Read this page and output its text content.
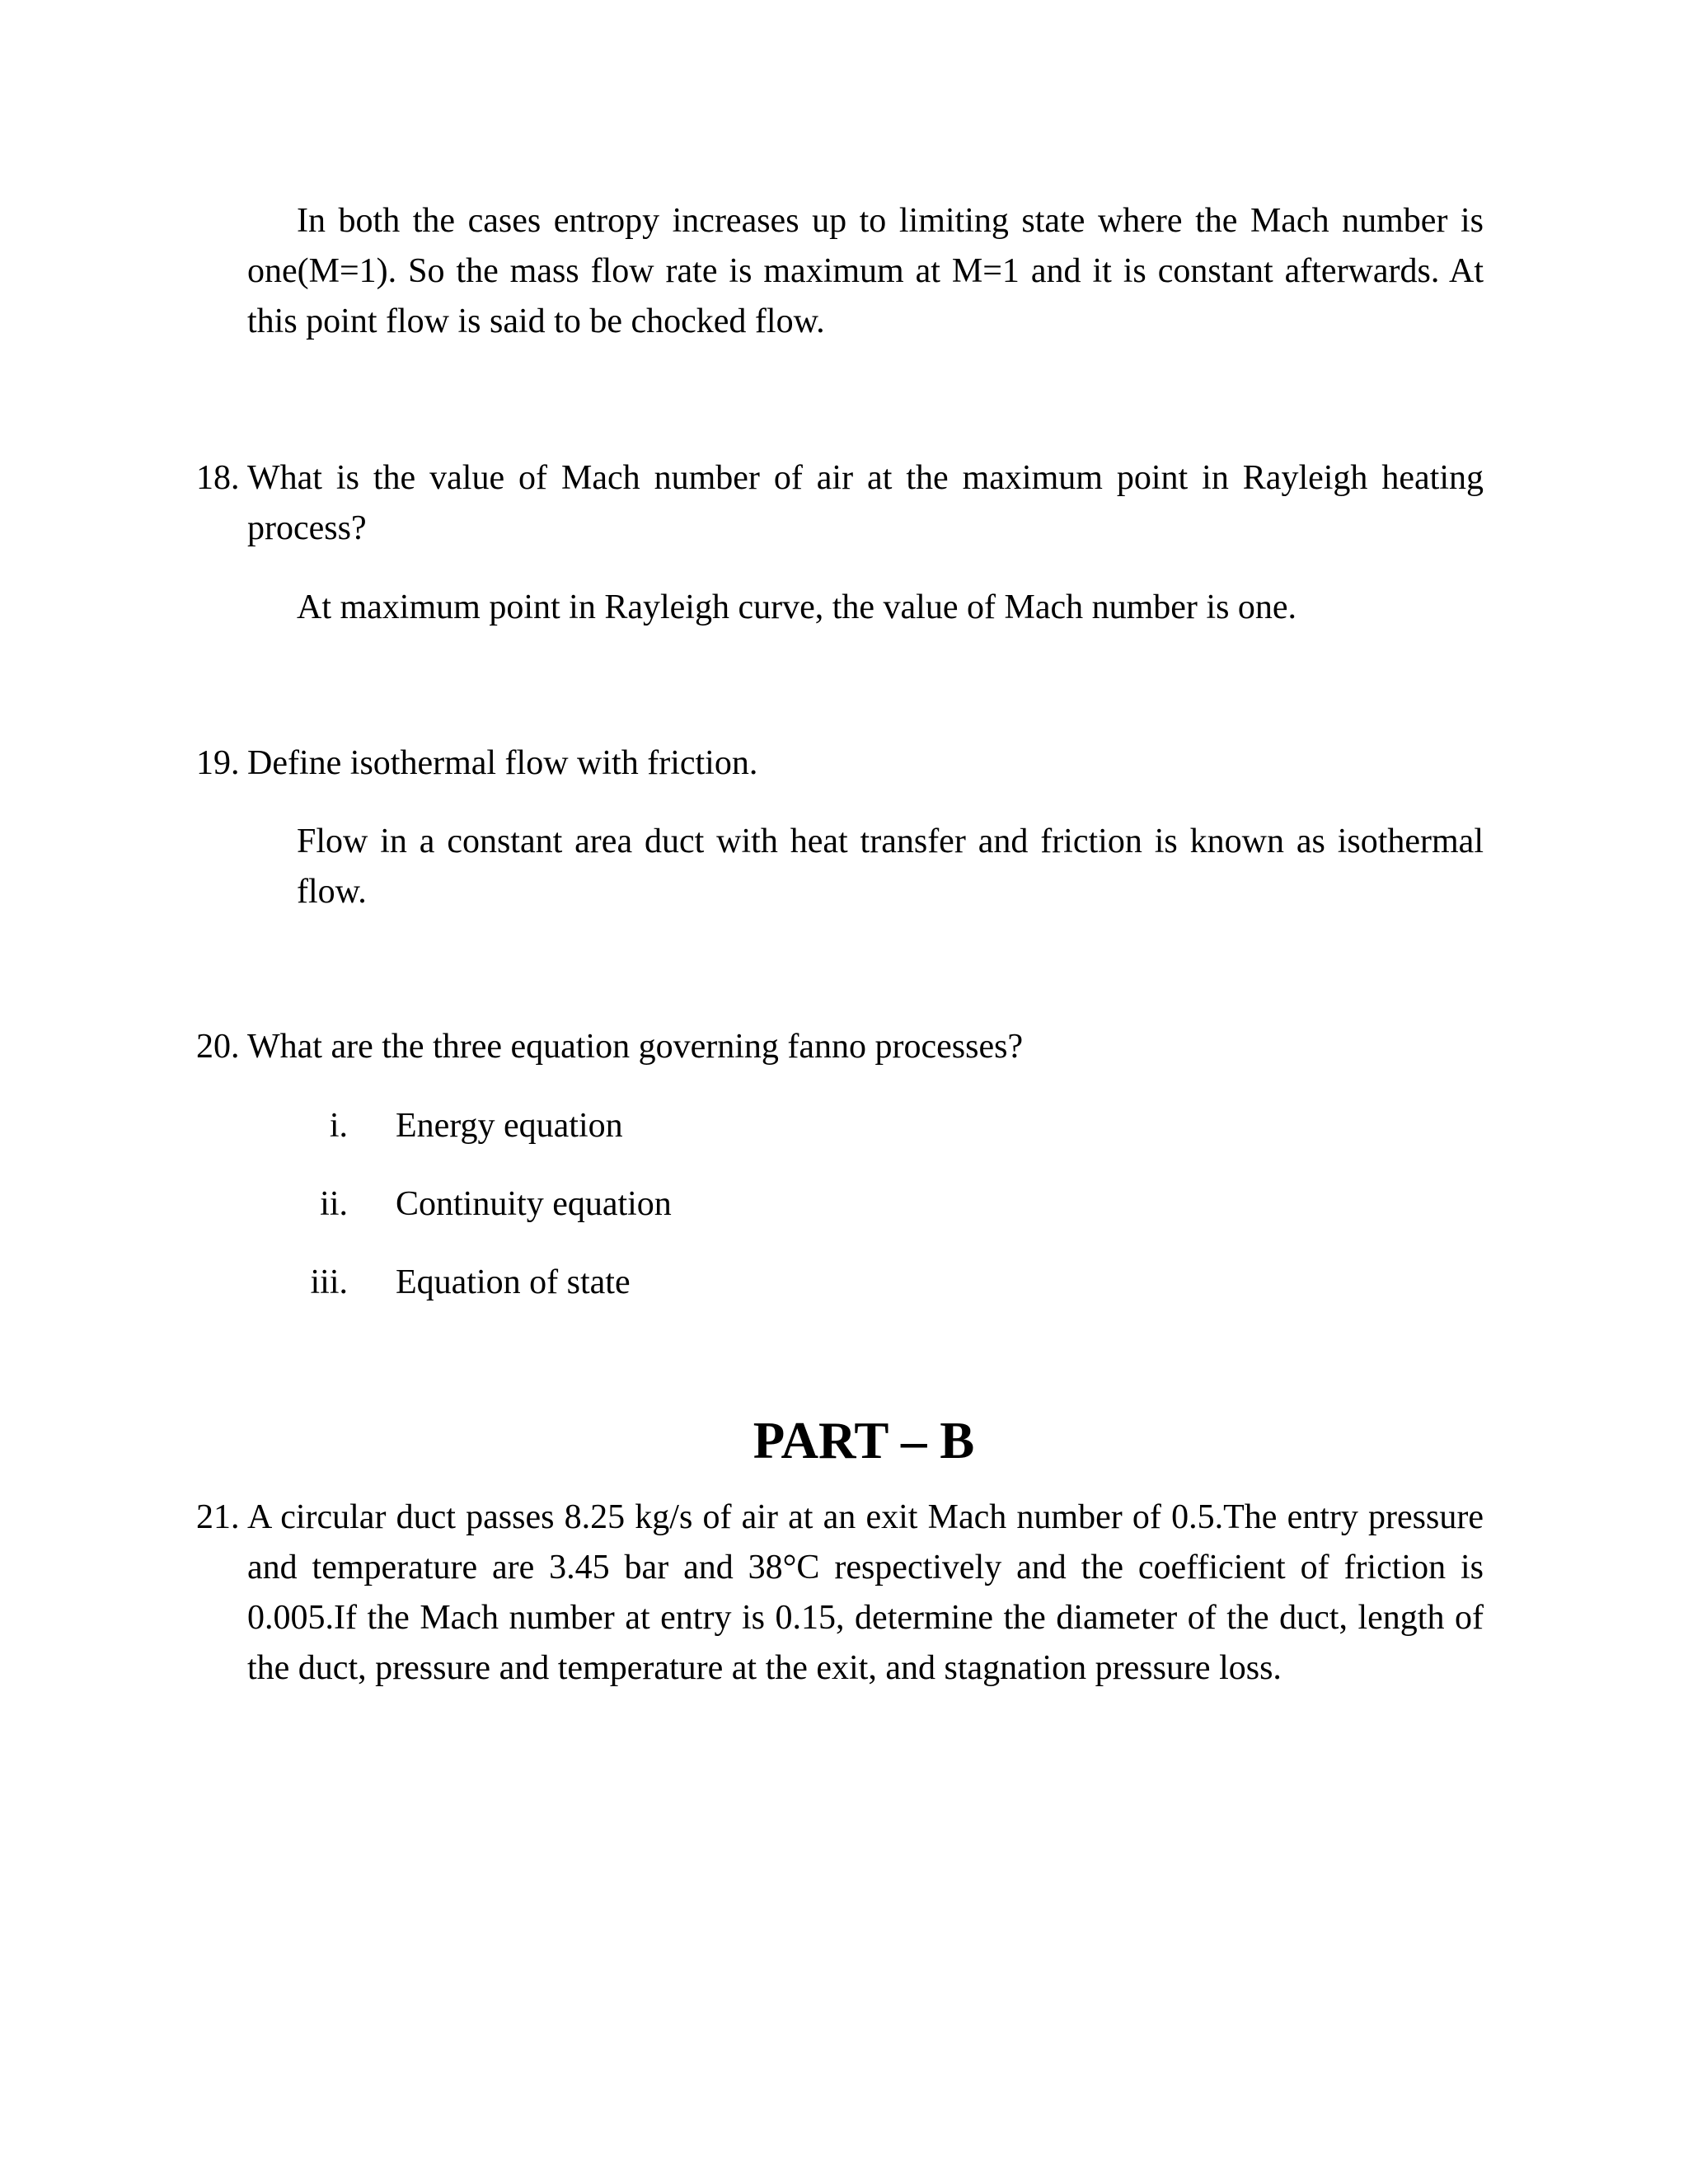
In both the cases entropy increases up to limiting state where the Mach number is one(M=1). So the mass flow rate is maximum at M=1 and it is constant afterwards. At this point flow is said to be chocked flow.

18. What is the value of Mach number of air at the maximum point in Rayleigh heating process?

At maximum point in Rayleigh curve, the value of Mach number is one.

19. Define isothermal flow with friction.

Flow in a constant area duct with heat transfer and friction is known as isothermal flow.

20. What are the three equation governing fanno processes?

i. Energy equation
ii. Continuity equation
iii. Equation of state
PART – B

21. A circular duct passes 8.25 kg/s of air at an exit Mach number of 0.5.The entry pressure and temperature are 3.45 bar and 38°C respectively and the coefficient of friction is 0.005.If the Mach number at entry is 0.15, determine the diameter of the duct, length of the duct, pressure and temperature at the exit, and stagnation pressure loss.
